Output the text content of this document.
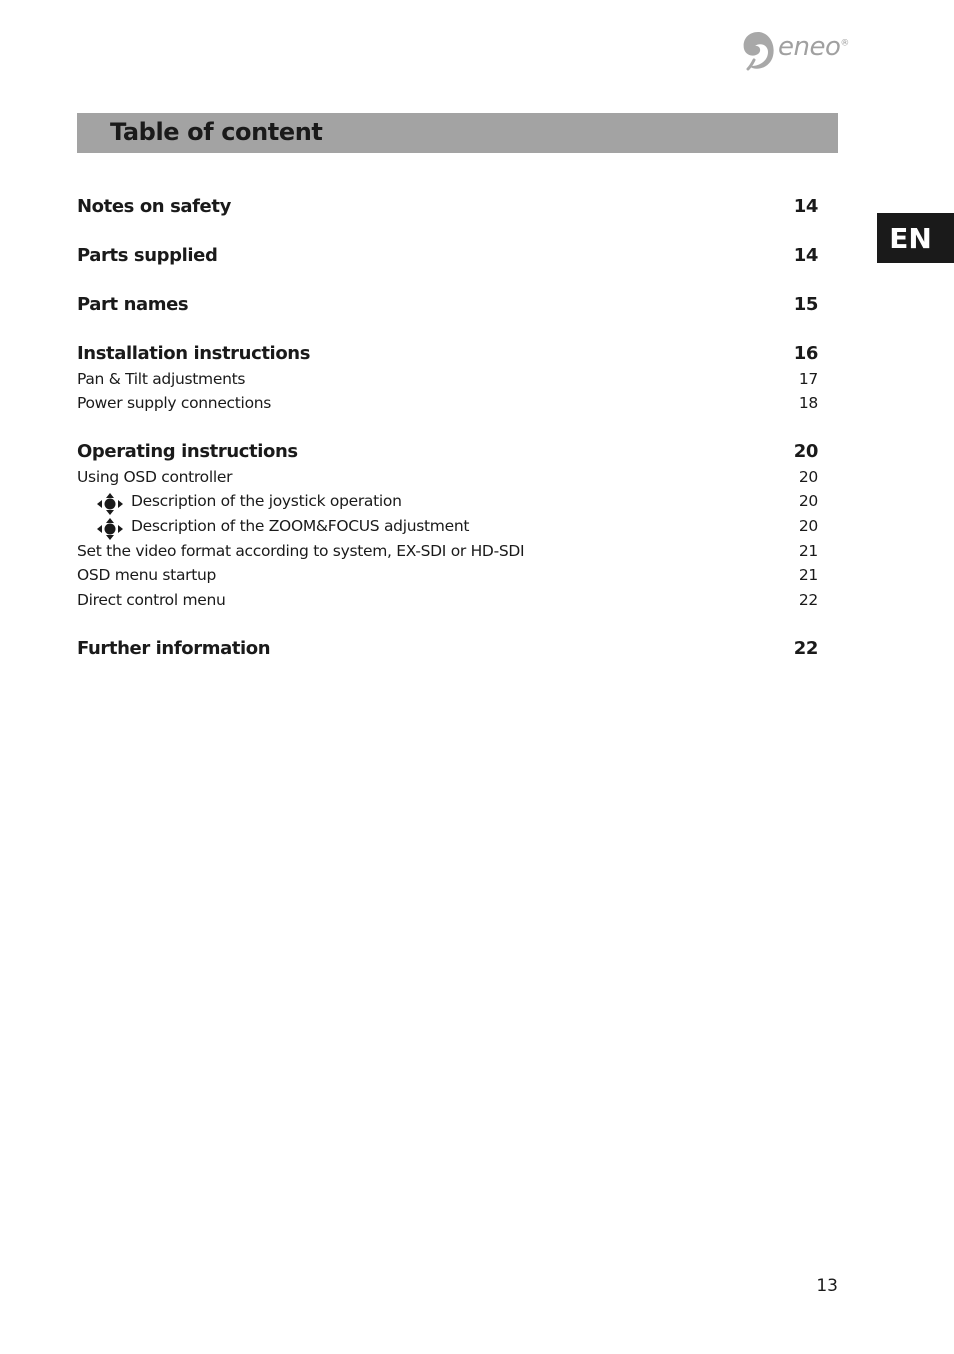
eneo®
Table of content
EN
Notes on safety	14
Parts supplied	14
Part names	15
Installation instructions	16
Pan & Tilt adjustments	17
Power supply connections	18
Operating instructions	20
Using OSD controller	20
Description of the joystick operation	20
Description of the ZOOM&FOCUS adjustment	20
Set the video format according to system, EX-SDI or HD-SDI	21
OSD menu startup	21
Direct control menu	22
Further information	22
13
